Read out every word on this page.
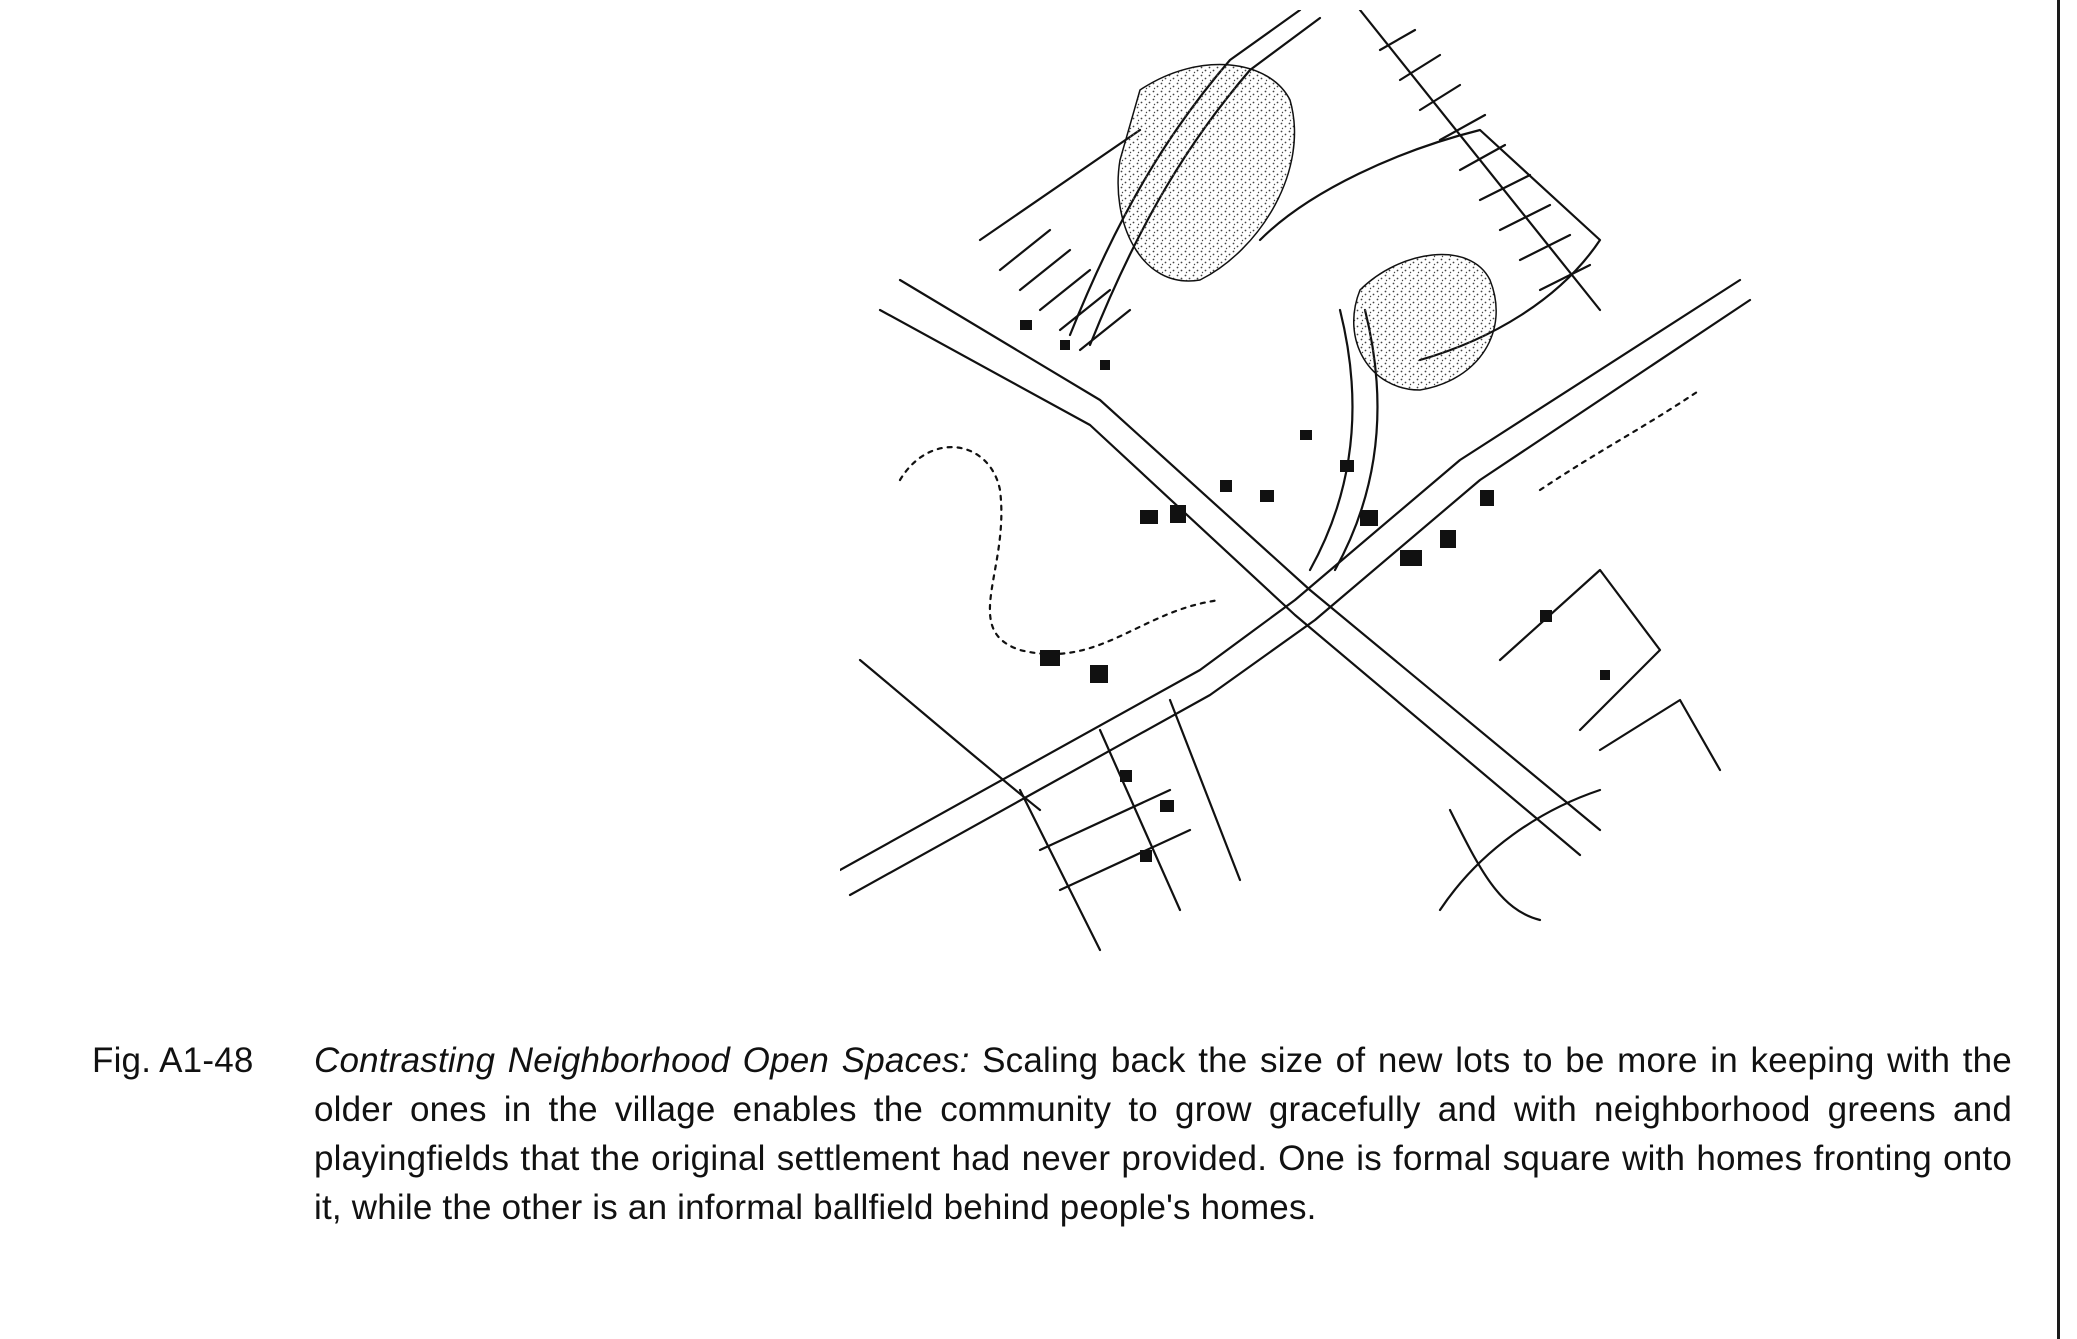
Fig. A1-48	Contrasting Neighborhood Open Spaces: Scaling back the size of new lots to be more in keeping with the older ones in the village enables the community to grow gracefully and with neighborhood greens and playingfields that the original settlement had never provided. One is formal square with homes fronting onto it, while the other is an informal ballfield behind people's homes.
